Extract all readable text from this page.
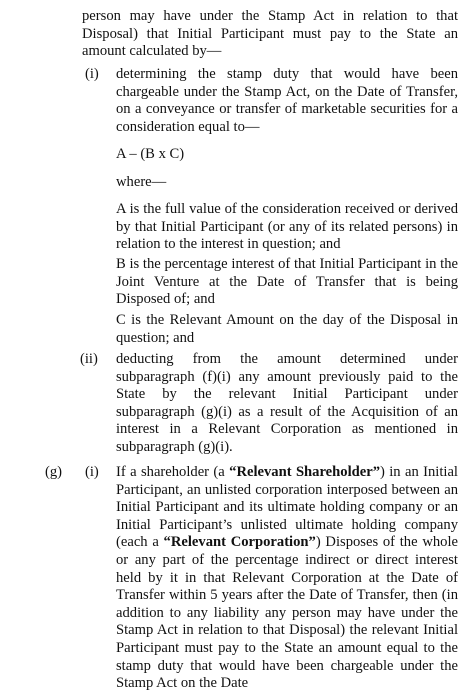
person may have under the Stamp Act in relation to that Disposal) that Initial Participant must pay to the State an amount calculated by—
(i) determining the stamp duty that would have been chargeable under the Stamp Act, on the Date of Transfer, on a conveyance or transfer of marketable securities for a consideration equal to—
A – (B x C)
where—
A is the full value of the consideration received or derived by that Initial Participant (or any of its related persons) in relation to the interest in question; and
B is the percentage interest of that Initial Participant in the Joint Venture at the Date of Transfer that is being Disposed of; and
C is the Relevant Amount on the day of the Disposal in question; and
(ii) deducting from the amount determined under subparagraph (f)(i) any amount previously paid to the State by the relevant Initial Participant under subparagraph (g)(i) as a result of the Acquisition of an interest in a Relevant Corporation as mentioned in subparagraph (g)(i).
(g) (i) If a shareholder (a “Relevant Shareholder”) in an Initial Participant, an unlisted corporation interposed between an Initial Participant and its ultimate holding company or an Initial Participant’s unlisted ultimate holding company (each a “Relevant Corporation”) Disposes of the whole or any part of the percentage indirect or direct interest held by it in that Relevant Corporation at the Date of Transfer within 5 years after the Date of Transfer, then (in addition to any liability any person may have under the Stamp Act in relation to that Disposal) the relevant Initial Participant must pay to the State an amount equal to the stamp duty that would have been chargeable under the Stamp Act on the Date
